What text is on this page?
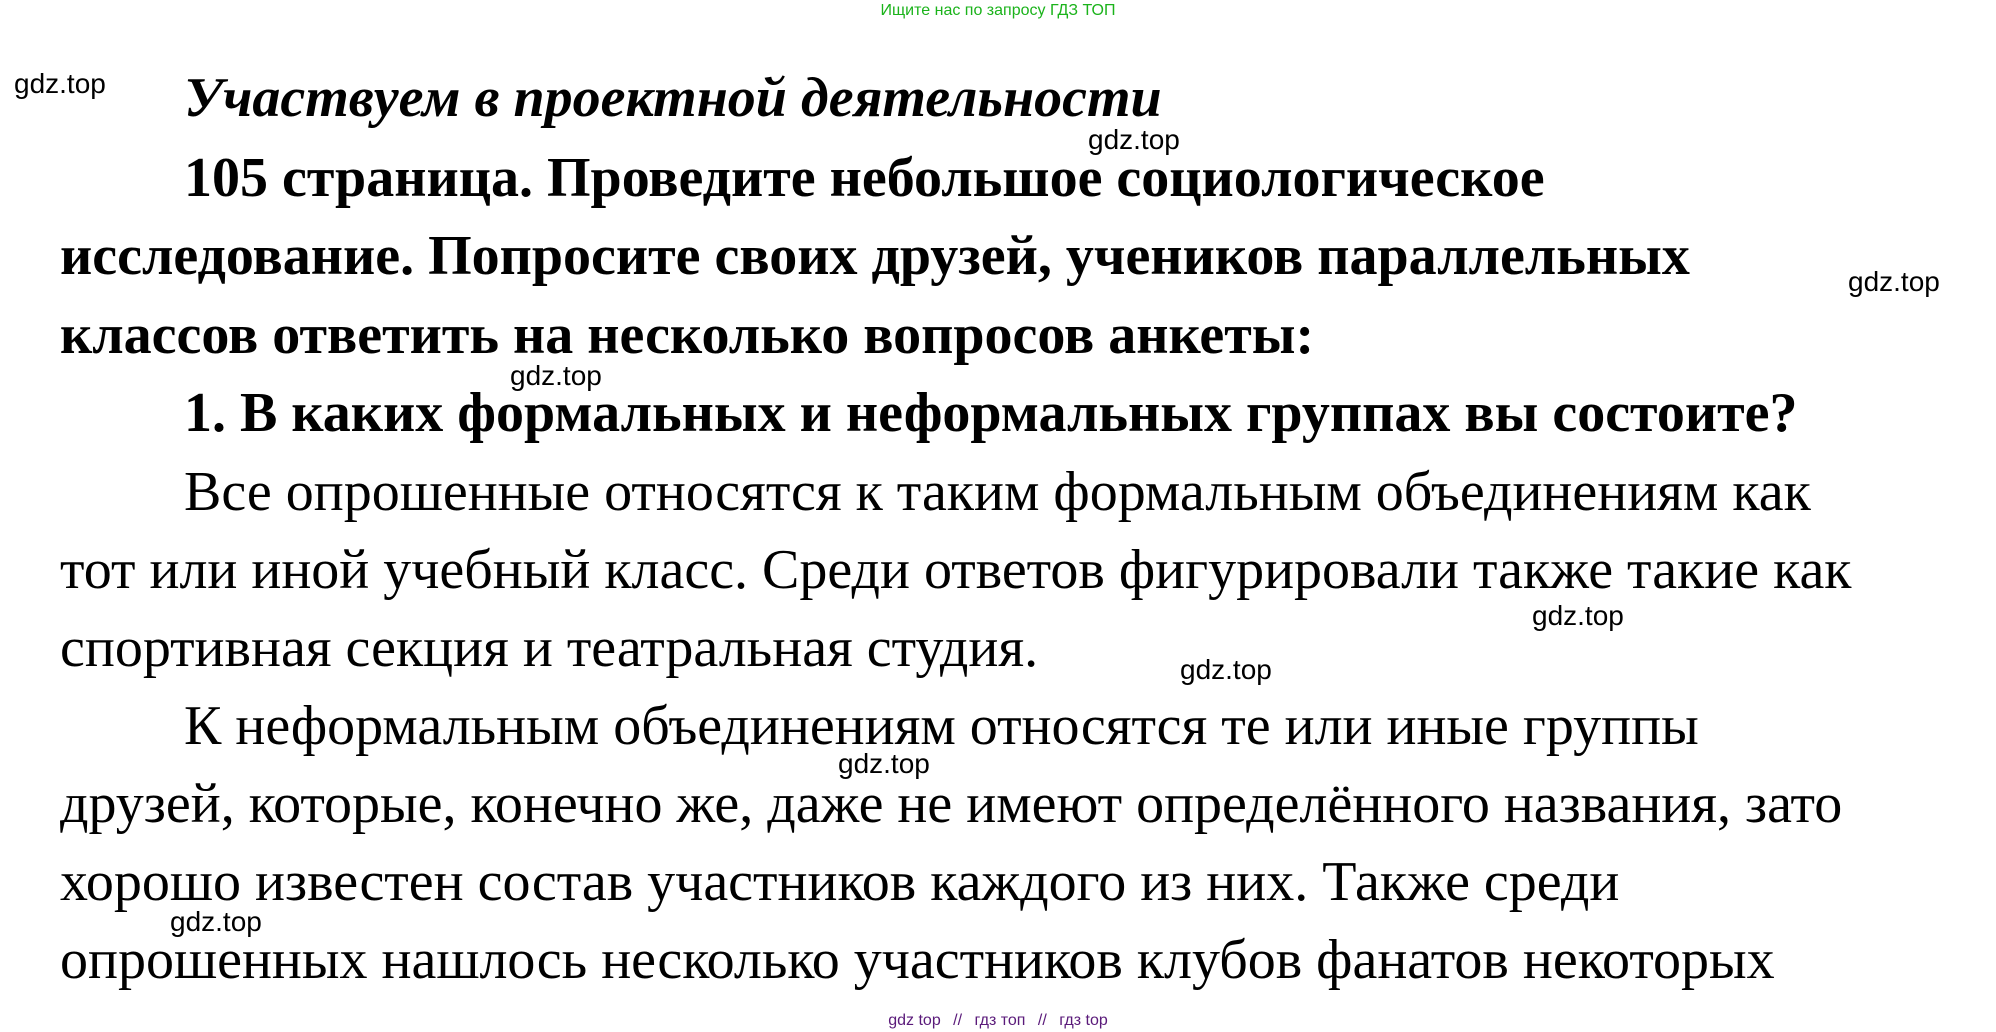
Ищите нас по запросу ГДЗ ТОП
Участвуем в проектной деятельности
105 страница. Проведите небольшое социологическое
исследование. Попросите своих друзей, учеников параллельных
классов ответить на несколько вопросов анкеты:
1. В каких формальных и неформальных группах вы состоите?
Все опрошенные относятся к таким формальным объединениям как
тот или иной учебный класс. Среди ответов фигурировали также такие как
спортивная секция и театральная студия.
К неформальным объединениям относятся те или иные группы
друзей, которые, конечно же, даже не имеют определённого названия, зато
хорошо известен состав участников каждого из них. Также среди
опрошенных нашлось несколько участников клубов фанатов некоторых
gdz.top
gdz.top
gdz.top
gdz.top
gdz.top
gdz.top
gdz.top
gdz.top
gdz top // гдз топ // гдз top
